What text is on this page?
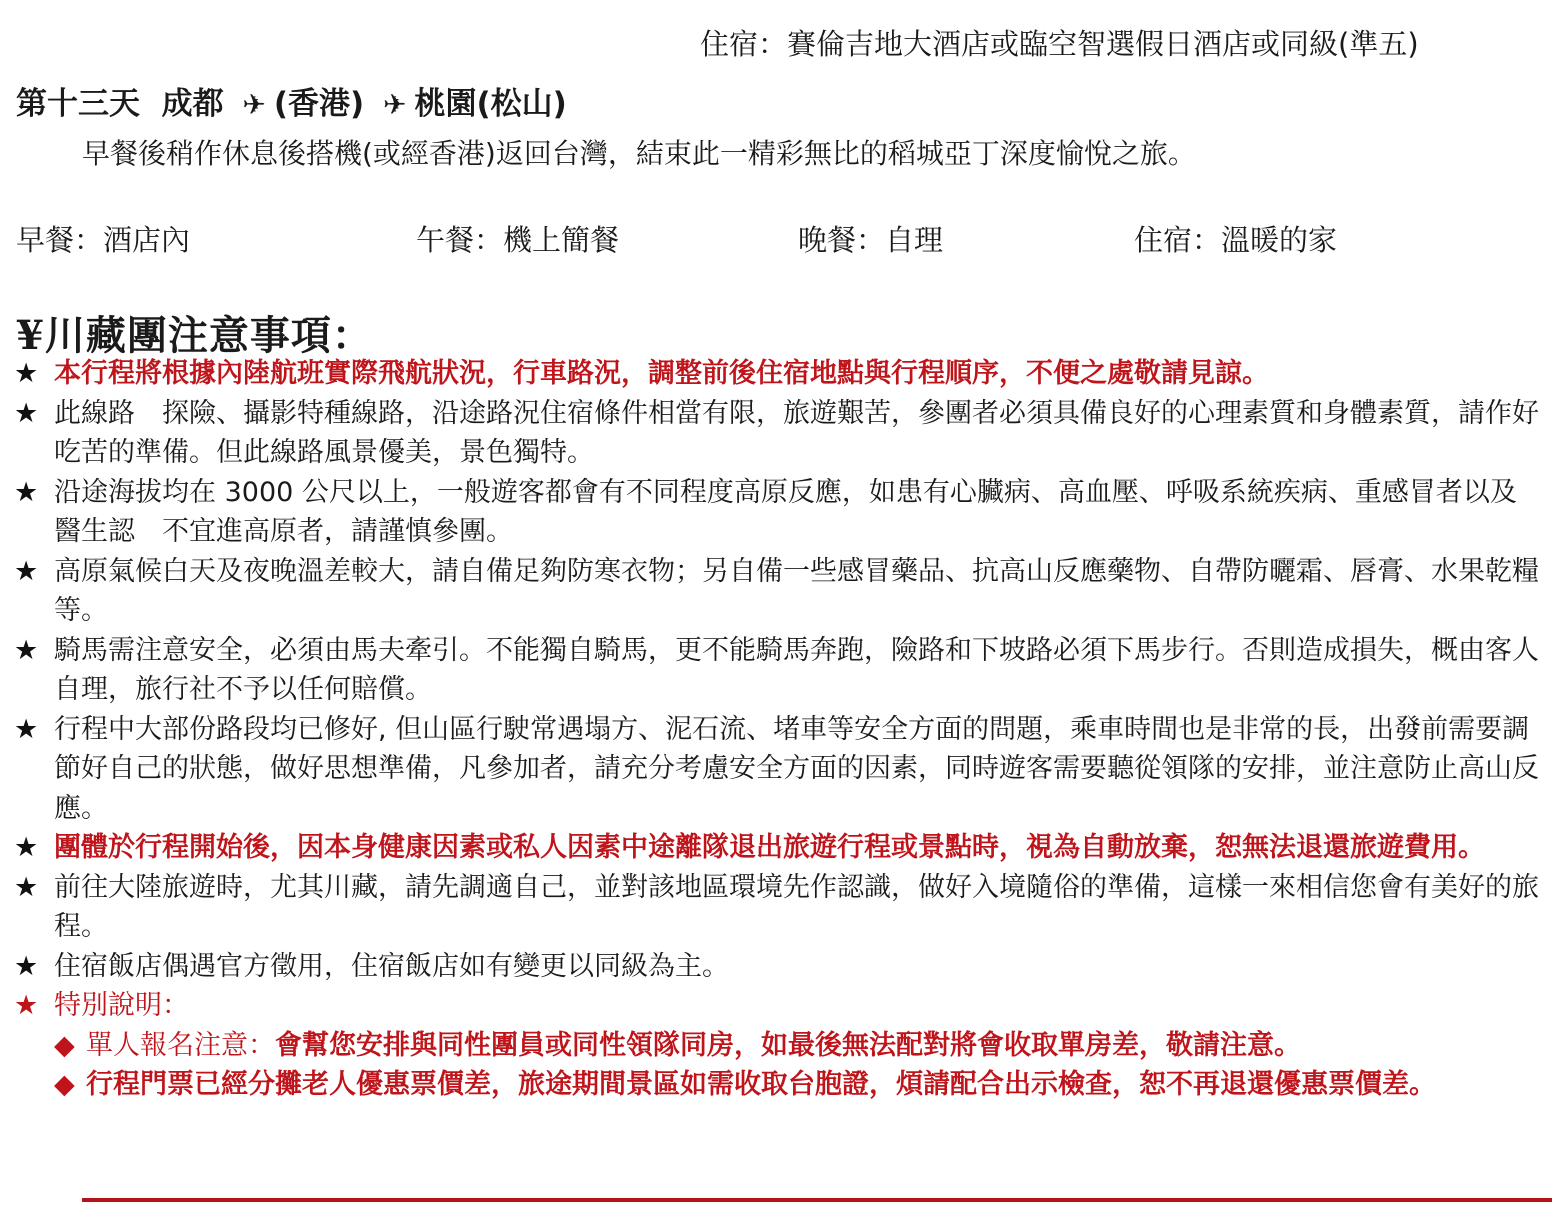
住宿：賽倫吉地大酒店或臨空智選假日酒店或同級(準五)
第十三天 成都 ✈ (香港) ✈ 桃園(松山)
早餐後稍作休息後搭機(或經香港)返回台灣，結束此一精彩無比的稻城亞丁深度愉悅之旅。
早餐：酒店內	午餐：機上簡餐	晚餐：自理	住宿：溫暖的家
¥川藏團注意事項：
★ 本行程將根據內陸航班實際飛航狀況，行車路況，調整前後住宿地點與行程順序，不便之處敬請見諒。
★ 此線路　探險、攝影特種線路，沿途路況住宿條件相當有限，旅遊艱苦，參團者必須具備良好的心理素質和身體素質，請作好吃苦的準備。但此線路風景優美，景色獨特。
★ 沿途海拔均在 3000 公尺以上，一般遊客都會有不同程度高原反應，如患有心臟病、高血壓、呼吸系統疾病、重感冒者以及醫生認　不宜進高原者，請謹慎參團。
★ 高原氣候白天及夜晚溫差較大，請自備足夠防寒衣物；另自備一些感冒藥品、抗高山反應藥物、自帶防曬霜、唇膏、水果乾糧等。
★ 騎馬需注意安全，必須由馬夫牽引。不能獨自騎馬，更不能騎馬奔跑，險路和下坡路必須下馬步行。否則造成損失，概由客人自理，旅行社不予以任何賠償。
★ 行程中大部份路段均已修好, 但山區行駛常遇塌方、泥石流、堵車等安全方面的問題，乘車時間也是非常的長，出發前需要調節好自己的狀態，做好思想準備，凡參加者，請充分考慮安全方面的因素，同時遊客需要聽從領隊的安排，並注意防止高山反應。
★ 團體於行程開始後，因本身健康因素或私人因素中途離隊退出旅遊行程或景點時，視為自動放棄，恕無法退還旅遊費用。
★ 前往大陸旅遊時，尤其川藏，請先調適自己，並對該地區環境先作認識，做好入境隨俗的準備，這樣一來相信您會有美好的旅程。
★ 住宿飯店偶遇官方徵用，住宿飯店如有變更以同級為主。
★ 特別說明：
◆ 單人報名注意：會幫您安排與同性團員或同性領隊同房，如最後無法配對將會收取單房差，敬請注意。
◆ 行程門票已經分攤老人優惠票價差，旅途期間景區如需收取台胞證，煩請配合出示檢查，恕不再退還優惠票價差。
